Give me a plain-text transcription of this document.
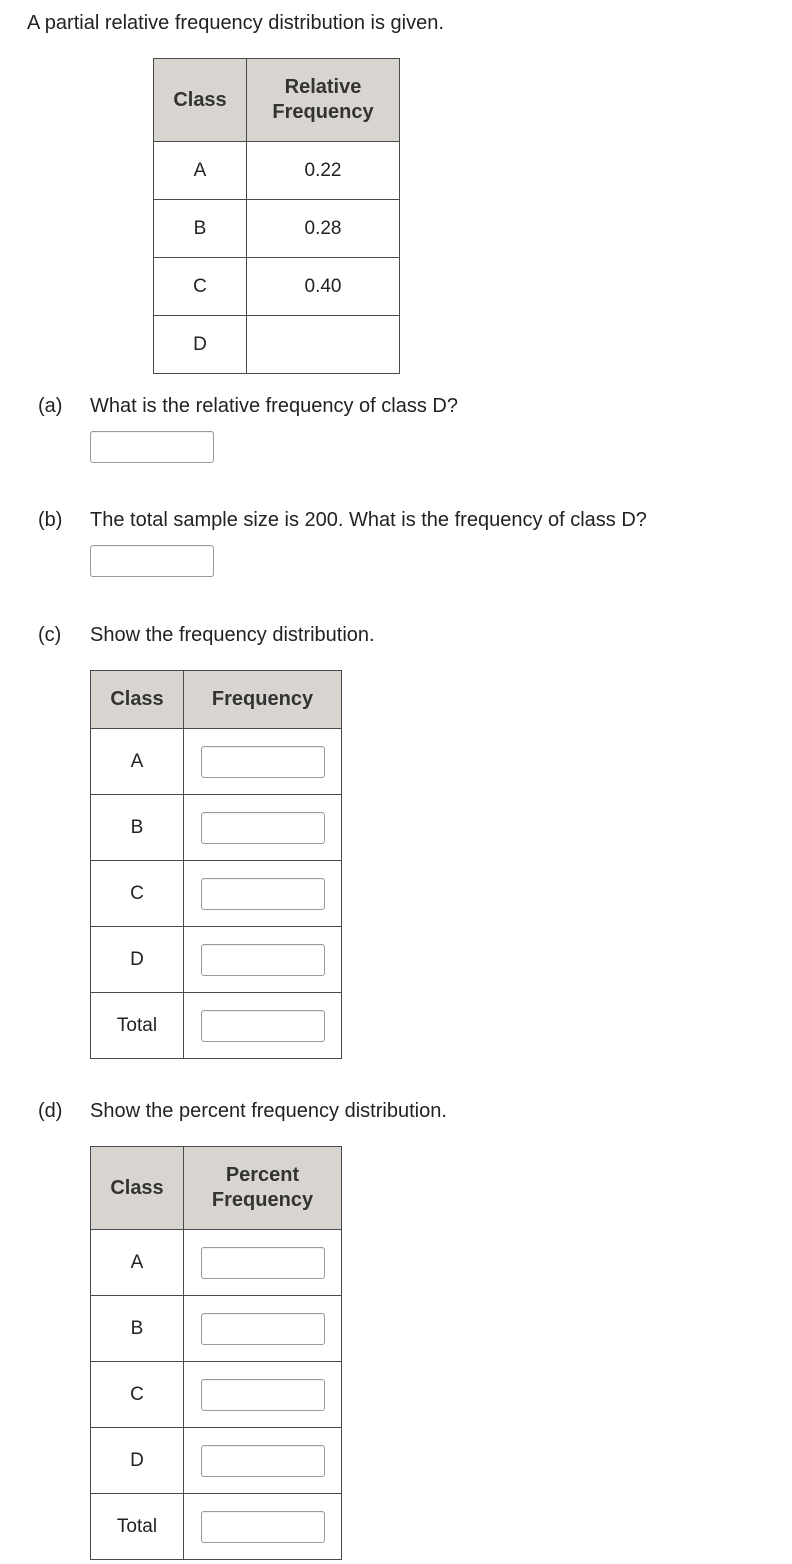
A partial relative frequency distribution is given.

Class	Relative
Frequency
A	0.22
B	0.28
C	0.40
D	

(a) What is the relative frequency of class D?

(b) The total sample size is 200. What is the frequency of class D?

(c) Show the frequency distribution.

Class	Frequency
A	

B	

C	

D	

Total	

(d) Show the percent frequency distribution.

Class	Percent
Frequency
A	

B	

C	

D	

Total	
